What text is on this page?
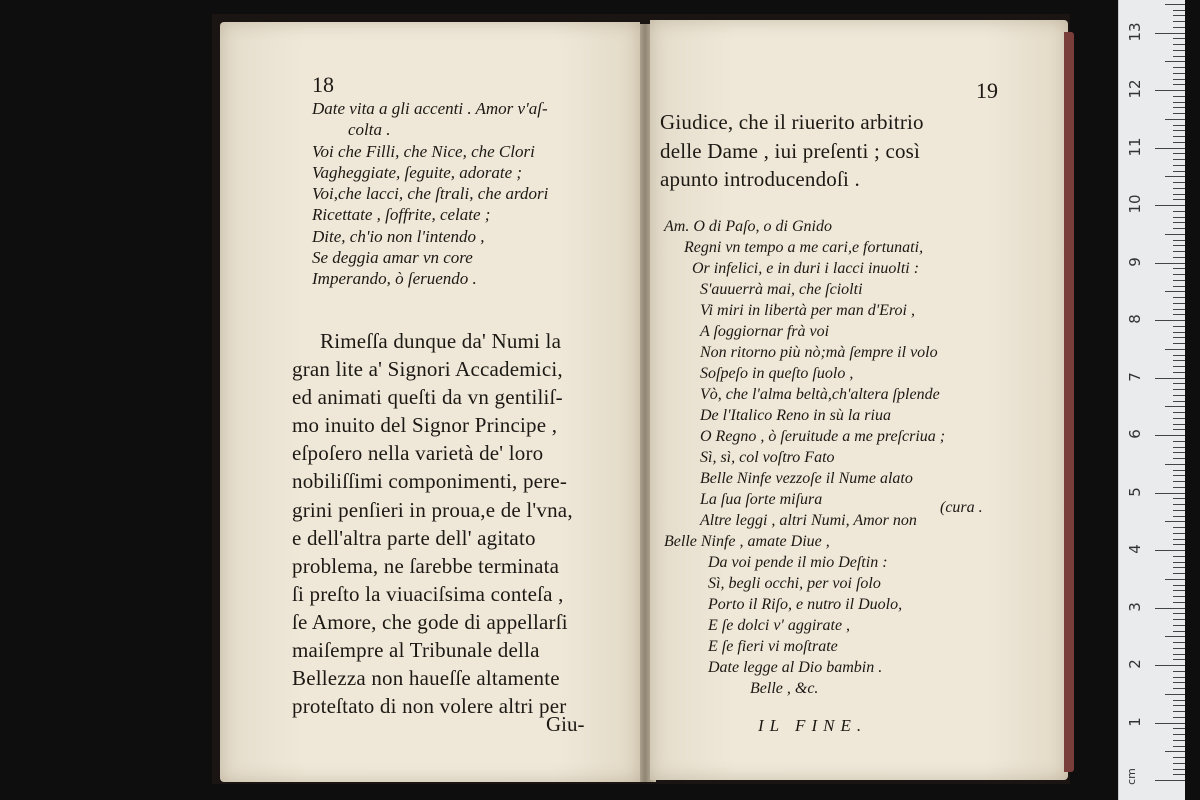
18
Date vita a gli accenti . Amor v'aſ-
colta .
Voi che Filli, che Nice, che Clori
Vagheggiate, ſeguite, adorate ;
Voi,che lacci, che ſtrali, che ardori
Ricettate , ſoffrite, celate ;
Dite, ch'io non l'intendo ,
Se deggia amar vn core
Imperando, ò ſeruendo .
Rimeſſa dunque da' Numi la
gran lite a' Signori Accademici,
ed animati queſti da vn gentiliſ-
mo inuito del Signor Principe ,
eſpoſero nella varietà de' loro
nobiliſſimi componimenti, pere-
grini penſieri in proua,e de l'vna,
e dell'altra parte dell' agitato
problema, ne ſarebbe terminata
ſi preſto la viuaciſsima conteſa ,
ſe Amore, che gode di appellarſi
maiſempre al Tribunale della
Bellezza non haueſſe altamente
proteſtato di non volere altri per
Giu-
19
Giudice, che il riuerito arbitrio
delle Dame , iui preſenti ; così
apunto introducendoſi .
Am. O di Paſo, o di Gnido
Regni vn tempo a me cari,e fortunati,
Or infelici, e in duri i lacci inuolti :
S'auuerrà mai, che ſciolti
Vi miri in libertà per man d'Eroi ,
A ſoggiornar frà voi
Non ritorno più nò;mà ſempre il volo
Soſpeſo in queſto ſuolo ,
Vò, che l'alma beltà,ch'altera ſplende
De l'Italico Reno in sù la riua
O Regno , ò ſeruitude a me preſcriua ;
Sì, sì, col voſtro Fato
Belle Ninfe vezzoſe il Nume alato
La ſua ſorte miſura
Altre leggi , altri Numi, Amor non
Belle Ninfe , amate Diue ,
Da voi pende il mio Deſtin :
Sì, begli occhi, per voi ſolo
Porto il Riſo, e nutro il Duolo,
E ſe dolci v' aggirate ,
E ſe fieri vi moſtrate
Date legge al Dio bambin .
Belle , &c.
(cura .
IL FINE.
cm
1
2
3
4
5
6
7
8
9
10
11
12
13
